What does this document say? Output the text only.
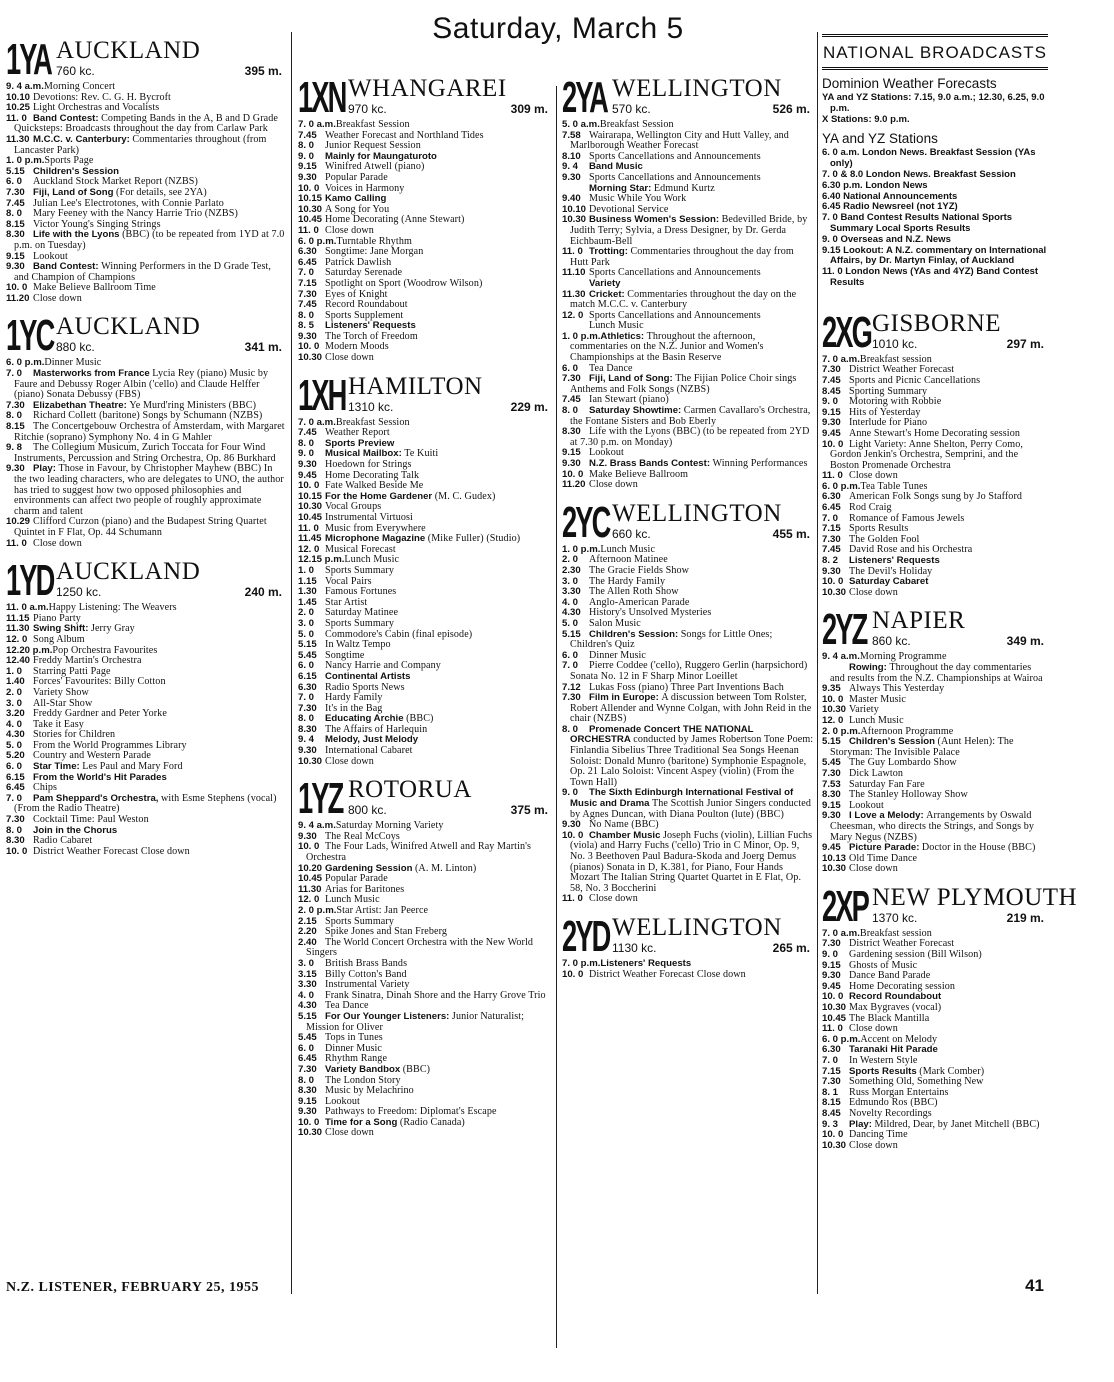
1YA AUCKLAND
760 kc.	395 m.
9. 4 a.m.Morning Concert
10.10 Devotions: Rev. C. G. H. Bycroft
10.25 Light Orchestras and Vocalists
11. 0 Band Contest: Competing Bands in the A, B and D Grade Quicksteps: Broadcasts throughout the day from Carlaw Park
11.30 M.C.C. v. Canterbury: Commentaries throughout (from Lancaster Park)
1. 0 p.m.Sports Page
5.15 Children's Session
6. 0 Auckland Stock Market Report (NZBS)
7.30 Fiji, Land of Song (For details, see 2YA)
7.45 Julian Lee's Electrotones, with Connie Parlato
8. 0 Mary Feeney with the Nancy Harrie Trio (NZBS)
8.15 Victor Young's Singing Strings
8.30 Life with the Lyons (BBC) (to be repeated from 1YD at 7.0 p.m. on Tuesday)
9.15 Lookout
9.30 Band Contest: Winning Performers in the D Grade Test, and Champion of Champions
10. 0 Make Believe Ballroom Time
11.20 Close down
1YC AUCKLAND
880 kc.	341 m.
6. 0 p.m.Dinner Music
7. 0 Masterworks from France Lycia Rey (piano) Music by Faure and Debussy Roger Albin ('cello) and Claude Helffer (piano) Sonata Debussy (FBS)
7.30 Elizabethan Theatre: Ye Murd'ring Ministers (BBC)
8. 0 Richard Collett (baritone) Songs by Schumann (NZBS)
8.15 The Concertgebouw Orchestra of Amsterdam, with Margaret Ritchie (soprano) Symphony No. 4 in G Mahler
9. 8 The Collegium Musicum, Zurich Toccata for Four Wind Instruments, Percussion and String Orchestra, Op. 86 Burkhard
9.30 Play: Those in Favour, by Christopher Mayhew (BBC) In the two leading characters, who are delegates to UNO, the author has tried to suggest how two opposed philosophies and environments can affect two people of roughly approximate charm and talent
10.29 Clifford Curzon (piano) and the Budapest String Quartet Quintet in F Flat, Op. 44 Schumann
11. 0 Close down
1YD AUCKLAND
1250 kc.	240 m.
11. 0 a.m.Happy Listening: The Weavers
11.15 Piano Party
11.30 Swing Shift: Jerry Gray
12. 0 Song Album
12.20 p.m.Pop Orchestra Favourites
12.40 Freddy Martin's Orchestra
1. 0 Starring Patti Page
1.40 Forces' Favourites: Billy Cotton
2. 0 Variety Show
3. 0 All-Star Show
3.20 Freddy Gardner and Peter Yorke
4. 0 Take it Easy
4.30 Stories for Children
5. 0 From the World Programmes Library
5.20 Country and Western Parade
6. 0 Star Time: Les Paul and Mary Ford
6.15 From the World's Hit Parades
6.45 Chips
7. 0 Pam Sheppard's Orchestra, with Esme Stephens (vocal) (From the Radio Theatre)
7.30 Cocktail Time: Paul Weston
8. 0 Join in the Chorus
8.30 Radio Cabaret
10. 0 District Weather Forecast Close down
Saturday, March 5
1XN WHANGAREI
970 kc.	309 m.
7. 0 a.m.Breakfast Session
7.45 Weather Forecast and Northland Tides
8. 0 Junior Request Session
9. 0 Mainly for Maungaturoto
9.15 Winifred Atwell (piano)
9.30 Popular Parade
10. 0 Voices in Harmony
10.15 Kamo Calling
10.30 A Song for You
10.45 Home Decorating (Anne Stewart)
11. 0 Close down
6. 0 p.m.Turntable Rhythm
6.30 Songtime: Jane Morgan
6.45 Patrick Dawlish
7. 0 Saturday Serenade
7.15 Spotlight on Sport (Woodrow Wilson)
7.30 Eyes of Knight
7.45 Record Roundabout
8. 0 Sports Supplement
8. 5 Listeners' Requests
9.30 The Torch of Freedom
10. 0 Modern Moods
10.30 Close down
1XH HAMILTON
1310 kc.	229 m.
7. 0 a.m.Breakfast Session
7.45 Weather Report
8. 0 Sports Preview
9. 0 Musical Mailbox: Te Kuiti
9.30 Hoedown for Strings
9.45 Home Decorating Talk
10. 0 Fate Walked Beside Me
10.15 For the Home Gardener (M. C. Gudex)
10.30 Vocal Groups
10.45 Instrumental Virtuosi
11. 0 Music from Everywhere
11.45 Microphone Magazine (Mike Fuller) (Studio)
12. 0 Musical Forecast
12.15 p.m.Lunch Music
1. 0 Sports Summary
1.15 Vocal Pairs
1.30 Famous Fortunes
1.45 Star Artist
2. 0 Saturday Matinee
3. 0 Sports Summary
5. 0 Commodore's Cabin (final episode)
5.15 In Waltz Tempo
5.45 Songtime
6. 0 Nancy Harrie and Company
6.15 Continental Artists
6.30 Radio Sports News
7. 0 Hardy Family
7.30 It's in the Bag
8. 0 Educating Archie (BBC)
8.30 The Affairs of Harlequin
9. 4 Melody, Just Melody
9.30 International Cabaret
10.30 Close down
1YZ ROTORUA
800 kc.	375 m.
9. 4 a.m.Saturday Morning Variety
9.30 The Real McCoys
10. 0 The Four Lads, Winifred Atwell and Ray Martin's Orchestra
10.20 Gardening Session (A. M. Linton)
10.45 Popular Parade
11.30 Arias for Baritones
12. 0 Lunch Music
2. 0 p.m.Star Artist: Jan Peerce
2.15 Sports Summary
2.20 Spike Jones and Stan Freberg
2.40 The World Concert Orchestra with the New World Singers
3. 0 British Brass Bands
3.15 Billy Cotton's Band
3.30 Instrumental Variety
4. 0 Frank Sinatra, Dinah Shore and the Harry Grove Trio
4.30 Tea Dance
5.15 For Our Younger Listeners: Junior Naturalist; Mission for Oliver
5.45 Tops in Tunes
6. 0 Dinner Music
6.45 Rhythm Range
7.30 Variety Bandbox (BBC)
8. 0 The London Story
8.30 Music by Melachrino
9.15 Lookout
9.30 Pathways to Freedom: Diplomat's Escape
10. 0 Time for a Song (Radio Canada)
10.30 Close down
2YA WELLINGTON
570 kc.	526 m.
5. 0 a.m.Breakfast Session
7.58 Wairarapa, Wellington City and Hutt Valley, and Marlborough Weather Forecast
8.10 Sports Cancellations and Announcements
9. 4 Band Music
9.30 Sports Cancellations and Announcements
Morning Star: Edmund Kurtz
9.40 Music While You Work
10.10 Devotional Service
10.30 Business Women's Session: Bedevilled Bride, by Judith Terry; Sylvia, a Dress Designer, by Dr. Gerda Eichbaum-Bell
11. 0 Trotting: Commentaries throughout the day from Hutt Park
11.10 Sports Cancellations and Announcements
Variety
11.30 Cricket: Commentaries throughout the day on the match M.C.C. v. Canterbury
12. 0 Sports Cancellations and Announcements
Lunch Music
1. 0 p.m.Athletics: Throughout the afternoon, commentaries on the N.Z. Junior and Women's Championships at the Basin Reserve
6. 0 Tea Dance
7.30 Fiji, Land of Song: The Fijian Police Choir sings Anthems and Folk Songs (NZBS)
7.45 Ian Stewart (piano)
8. 0 Saturday Showtime: Carmen Cavallaro's Orchestra, the Fontane Sisters and Bob Eberly
8.30 Life with the Lyons (BBC) (to be repeated from 2YD at 7.30 p.m. on Monday)
9.15 Lookout
9.30 N.Z. Brass Bands Contest: Winning Performances
10. 0 Make Believe Ballroom
11.20 Close down
2YC WELLINGTON
660 kc.	455 m.
1. 0 p.m.Lunch Music
2. 0 Afternoon Matinee
2.30 The Gracie Fields Show
3. 0 The Hardy Family
3.30 The Allen Roth Show
4. 0 Anglo-American Parade
4.30 History's Unsolved Mysteries
5. 0 Salon Music
5.15 Children's Session: Songs for Little Ones; Children's Quiz
6. 0 Dinner Music
7. 0 Pierre Coddee ('cello), Ruggero Gerlin (harpsichord) Sonata No. 12 in F Sharp Minor Loeillet
7.12 Lukas Foss (piano) Three Part Inventions Bach
7.30 Film in Europe: A discussion between Tom Rolster, Robert Allender and Wynne Colgan, with John Reid in the chair (NZBS)
8. 0 Promenade Concert THE NATIONAL ORCHESTRA conducted by James Robertson Tone Poem: Finlandia Sibelius Three Traditional Sea Songs Heenan Soloist: Donald Munro (baritone) Symphonie Espagnole, Op. 21 Lalo Soloist: Vincent Aspey (violin) (From the Town Hall)
9. 0 The Sixth Edinburgh International Festival of Music and Drama The Scottish Junior Singers conducted by Agnes Duncan, with Diana Poulton (lute) (BBC)
9.30 No Name (BBC)
10. 0 Chamber Music Joseph Fuchs (violin), Lillian Fuchs (viola) and Harry Fuchs ('cello) Trio in C Minor, Op. 9, No. 3 Beethoven Paul Badura-Skoda and Joerg Demus (pianos) Sonata in D, K.381, for Piano, Four Hands Mozart The Italian String Quartet Quartet in E Flat, Op. 58, No. 3 Boccherini
11. 0 Close down
2YD WELLINGTON
1130 kc.	265 m.
7. 0 p.m.Listeners' Requests
10. 0 District Weather Forecast Close down
NATIONAL BROADCASTS
Dominion Weather Forecasts
YA and YZ Stations: 7.15, 9.0 a.m.; 12.30, 6.25, 9.0 p.m.
X Stations: 9.0 p.m.
YA and YZ Stations
6. 0 a.m. London News. Breakfast Session (YAs only)
7. 0 & 8.0 London News. Breakfast Session
6.30 p.m. London News
6.40 National Announcements
6.45 Radio Newsreel (not 1YZ)
7. 0 Band Contest Results National Sports Summary Local Sports Results
9. 0 Overseas and N.Z. News
9.15 Lookout: A N.Z. commentary on International Affairs, by Dr. Martyn Finlay, of Auckland
11. 0 London News (YAs and 4YZ) Band Contest Results
2XG GISBORNE
1010 kc.	297 m.
7. 0 a.m.Breakfast session
7.30 District Weather Forecast
7.45 Sports and Picnic Cancellations
8.45 Sporting Summary
9. 0 Motoring with Robbie
9.15 Hits of Yesterday
9.30 Interlude for Piano
9.45 Anne Stewart's Home Decorating session
10. 0 Light Variety: Anne Shelton, Perry Como, Gordon Jenkin's Orchestra, Semprini, and the Boston Promenade Orchestra
11. 0 Close down
6. 0 p.m.Tea Table Tunes
6.30 American Folk Songs sung by Jo Stafford
6.45 Rod Craig
7. 0 Romance of Famous Jewels
7.15 Sports Results
7.30 The Golden Fool
7.45 David Rose and his Orchestra
8. 2 Listeners' Requests
9.30 The Devil's Holiday
10. 0 Saturday Cabaret
10.30 Close down
2YZ NAPIER
860 kc.	349 m.
9. 4 a.m.Morning Programme
Rowing: Throughout the day commentaries and results from the N.Z. Championships at Wairoa
9.35 Always This Yesterday
10. 0 Master Music
10.30 Variety
12. 0 Lunch Music
2. 0 p.m.Afternoon Programme
5.15 Children's Session (Aunt Helen): The Storyman: The Invisible Palace
5.45 The Guy Lombardo Show
7.30 Dick Lawton
7.53 Saturday Fan Fare
8.30 The Stanley Holloway Show
9.15 Lookout
9.30 I Love a Melody: Arrangements by Oswald Cheesman, who directs the Strings, and Songs by Mary Negus (NZBS)
9.45 Picture Parade: Doctor in the House (BBC)
10.13 Old Time Dance
10.30 Close down
2XP NEW PLYMOUTH
1370 kc.	219 m.
7. 0 a.m.Breakfast session
7.30 District Weather Forecast
9. 0 Gardening session (Bill Wilson)
9.15 Ghosts of Music
9.30 Dance Band Parade
9.45 Home Decorating session
10. 0 Record Roundabout
10.30 Max Bygraves (vocal)
10.45 The Black Mantilla
11. 0 Close down
6. 0 p.m.Accent on Melody
6.30 Taranaki Hit Parade
7. 0 In Western Style
7.15 Sports Results (Mark Comber)
7.30 Something Old, Something New
8. 1 Russ Morgan Entertains
8.15 Edmundo Ros (BBC)
8.45 Novelty Recordings
9. 3 Play: Mildred, Dear, by Janet Mitchell (BBC)
10. 0 Dancing Time
10.30 Close down
N.Z. LISTENER, FEBRUARY 25, 1955	41
